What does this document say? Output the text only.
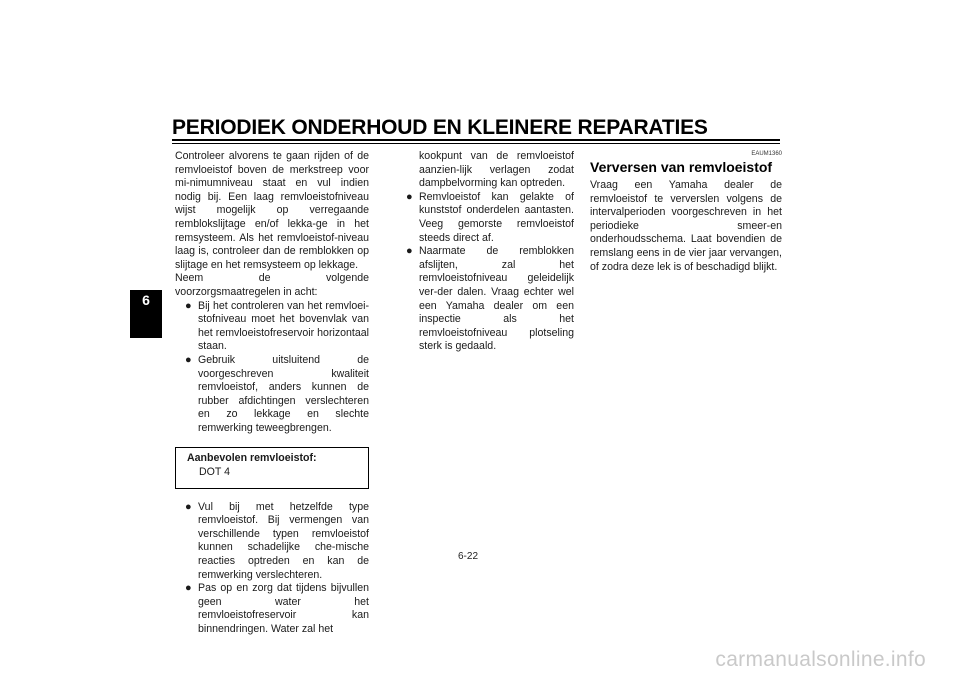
PERIODIEK ONDERHOUD EN KLEINERE REPARATIES
6

Controleer alvorens te gaan rijden of de remvloeistof boven de merkstreep voor mi-nimumniveau staat en vul indien nodig bij. Een laag remvloeistofniveau wijst mogelijk op verregaande remblokslijtage en/of lekka-ge in het remsysteem. Als het remvloeistof-niveau laag is, controleer dan de remblokken op slijtage en het remsysteem op lekkage.

Neem de volgende voorzorgsmaatregelen in acht:

● Bij het controleren van het remvloei-stofniveau moet het bovenvlak van het remvloeistofreservoir horizontaal staan.
● Gebruik uitsluitend de voorgeschreven kwaliteit remvloeistof, anders kunnen de rubber afdichtingen verslechteren en zo lekkage en slechte remwerking teweegbrengen.
Aanbevolen remvloeistof:
DOT 4
● Vul bij met hetzelfde type remvloeistof. Bij vermengen van verschillende typen remvloeistof kunnen schadelijke che-mische reacties optreden en kan de remwerking verslechteren.
● Pas op en zorg dat tijdens bijvullen geen water het remvloeistofreservoir kan binnendringen. Water zal het
kookpunt van de remvloeistof aanzien-lijk verlagen zodat dampbelvorming kan optreden.
● Remvloeistof kan gelakte of kunststof onderdelen aantasten. Veeg gemorste remvloeistof steeds direct af.
● Naarmate de remblokken afslijten, zal het remvloeistofniveau geleidelijk ver-der dalen. Vraag echter wel een Yamaha dealer om een inspectie als het remvloeistofniveau plotseling sterk is gedaald.
EAUM1360
Verversen van remvloeistof

Vraag een Yamaha dealer de remvloeistof te ververslen volgens de intervalperioden voorgeschreven in het periodieke smeer-en onderhoudsschema. Laat bovendien de remslang eens in de vier jaar vervangen, of zodra deze lek is of beschadigd blijkt.

6-22
carmanualsonline.info
